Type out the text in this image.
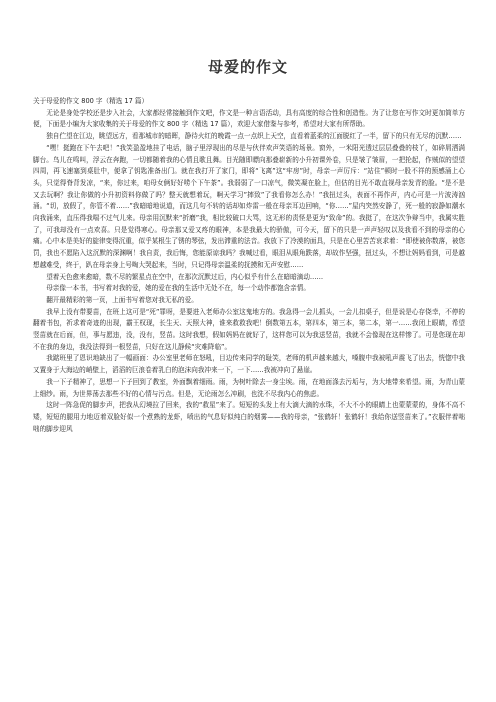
母爱的作文

关于母爱的作文 800 字（精选 17 篇）

无论是身处学校还是步入社会，大家都经常接触到作文吧，作文是一种言语活动，具有高度的综合性和创造性。为了让您在写作文时更加简单方便，下面是小编为大家收集的关于母爱的作文 800 字（精选 17 篇），欢迎大家借鉴与参考，希望对大家有所帮助。

独自伫望在江边，眺望远方，看那城市的暗晖，静待火红的晚霞一点一点织上天空，直看着蓝柔的江面脱红了一半，留下的只有无尽的沉默……

“嘿！挺跑在下午去吧！”我笑盈盈地挂了电话，脑子里浮现出的尽是与伙伴欢声笑语的场景。窗外，一米阳光透过层层叠叠的枝丫，如碎屑洒满脚台。鸟儿在鸣叫，浮云在奔跑，一切都随着我的心情且歌且舞。目光随即瞟向那叠崭新的小升初课外卷，只是皱了皱眉，一把抡起，作贼似的望望四周，再飞速塞到桌肚中，便拿了钥匙准备出门。就在我打开了家门，即将“飞离”这“牢房”时，母亲一声厉斥：“站住”顿时一股不祥的预感涌上心头，只觉得脊背发凉，“来，你过来，咱母女俩好好唠个下午茶”。我弱弱了一口凉气，微笑凝在脸上，但估的目光不敢直视母亲发青的脸。“是不是又去玩啊？我让你做的小升初资料你做了吗？整天就想着玩，啊天学习”摔致”了我看你怎么办！”我扭过头，表面不再作声，内心可是一片波涛汹涌。“切，放假了，你管不着……”我暗暗地说道，而这几句不转的话却如炸雷一般在母亲耳边回响，“你……”屋内突然安静了，死一般的寂静如潮水向我涌来，直压得我喘不过气儿来。母亲用沉默来“折磨”我，相比较破口大骂，这无形的责怪是更为“致命”的。我挺了，在这次争辩当中，我属实胜了，可我却没有一点欢喜。只是觉得寒心。母亲那又爱又疼的眼神，本是我最大的骄傲，可今天，留下的只是一声声轻叹以及我看不到的母亲的心痛。心中本是美好的旋律变得沉重，似乎某根生了锈的琴弦，发出滞重的法音。我放下了冷漠的面具，只是在心里苦苦哀求着：“即使被你数落，被您罚，我也不愿陷入这沉默的深渊啊！我自责，我后悔，您能原谅我吗？我喊过看，眼泪从眼角跌落，却故作坚强，扭过头，不想让妈妈看到，可是越想越难受，终于，趴在母亲身上号啕大哭起来，当时，只记得母亲温柔的抚摸和无声安慰……

望着天色愈来愈暗，数不尽的繁星点在空中，在那次沉默过后，内心似乎有什么在暗暗滴动……

母亲像一本书，书写着对我的爱，她的爱在我的生活中无处不在，每一个动作都饱含亲情。

翻开最精彩的第一页，上面书写着您对我无私的爱。

我早上没有带要苗，在班上这可是“死”罪呀，是要进入老师办公室这鬼地方的。我急得一会儿抓头，一会儿扣桌子，但是说是心存侥幸，不停的翻着书包，祈求着奇迹的出现，霸王权现，长生天、天照大神，谁来救救我吧！倒数第五本，第四本，第三本，第二本，第一……我闭上眼睛，希望竖苗就在后面，但，事与愿违，没，没有，竖苗。这时我想，假如妈妈在就好了，这样您可以为我送竖苗，我就不会像现在这样惨了。可是您现在却不在我的身边，我没法得到一根竖苗，只好在这儿静候“灾难降临”。

我踮班里了恩识地缺出了一幅画面：办公室里老师在怒吼，目边传来同学的耻笑，老师的机声越来越大，嗓腹中我被吼声震飞了出去，恍惚中我又置身于大海边的峭壁上，滔滔的巨浪卷着乳白的泡沫向我冲来一下，一下……我被冲向了悬崖。

我一下子精神了，思想一下子回到了教室，外面飘着细雨。雨，为树叶除去一身尘埃。雨，在地面涤去污垢与，为大地带来希望。雨，为青山蒙上细纱。雨，为世界荡去那些不好的心情与污点。但是，无论雨怎么冲刷，也洗不尽我内心的焦虑。

这时一阵急促的脚步声，把我从幻境拉了回来，我的“救星”来了。短短的头发上有大滴大滴的水珠，不大不小的眼睛上也蒙蒙蒙的，身体不高不矮，短短的腿用力地迈着双脸好似一个煮熟的龙虾，喷出的气息好似纯白的烟雾——我的母亲，“张鹤轩！张鹤轩！我给你送竖苗来了。”衣服伴着咄咄的脚步迎风
